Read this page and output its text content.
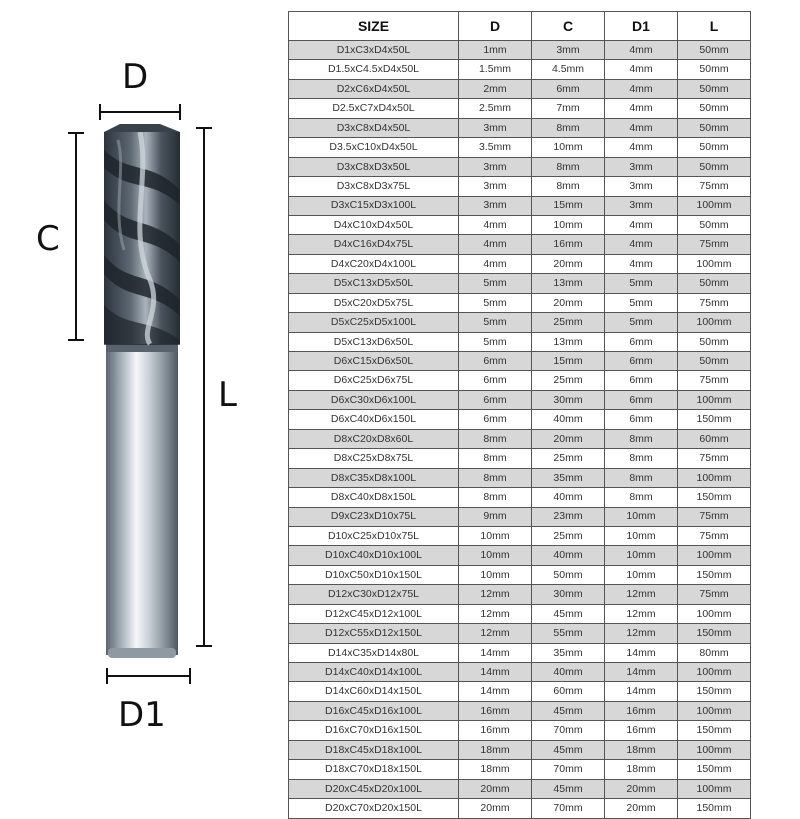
D
C
L
D1
SIZE	D	C	D1	L
D1xC3xD4x50L	1mm	3mm	4mm	50mm
D1.5xC4.5xD4x50L	1.5mm	4.5mm	4mm	50mm
D2xC6xD4x50L	2mm	6mm	4mm	50mm
D2.5xC7xD4x50L	2.5mm	7mm	4mm	50mm
D3xC8xD4x50L	3mm	8mm	4mm	50mm
D3.5xC10xD4x50L	3.5mm	10mm	4mm	50mm
D3xC8xD3x50L	3mm	8mm	3mm	50mm
D3xC8xD3x75L	3mm	8mm	3mm	75mm
D3xC15xD3x100L	3mm	15mm	3mm	100mm
D4xC10xD4x50L	4mm	10mm	4mm	50mm
D4xC16xD4x75L	4mm	16mm	4mm	75mm
D4xC20xD4x100L	4mm	20mm	4mm	100mm
D5xC13xD5x50L	5mm	13mm	5mm	50mm
D5xC20xD5x75L	5mm	20mm	5mm	75mm
D5xC25xD5x100L	5mm	25mm	5mm	100mm
D5xC13xD6x50L	5mm	13mm	6mm	50mm
D6xC15xD6x50L	6mm	15mm	6mm	50mm
D6xC25xD6x75L	6mm	25mm	6mm	75mm
D6xC30xD6x100L	6mm	30mm	6mm	100mm
D6xC40xD6x150L	6mm	40mm	6mm	150mm
D8xC20xD8x60L	8mm	20mm	8mm	60mm
D8xC25xD8x75L	8mm	25mm	8mm	75mm
D8xC35xD8x100L	8mm	35mm	8mm	100mm
D8xC40xD8x150L	8mm	40mm	8mm	150mm
D9xC23xD10x75L	9mm	23mm	10mm	75mm
D10xC25xD10x75L	10mm	25mm	10mm	75mm
D10xC40xD10x100L	10mm	40mm	10mm	100mm
D10xC50xD10x150L	10mm	50mm	10mm	150mm
D12xC30xD12x75L	12mm	30mm	12mm	75mm
D12xC45xD12x100L	12mm	45mm	12mm	100mm
D12xC55xD12x150L	12mm	55mm	12mm	150mm
D14xC35xD14x80L	14mm	35mm	14mm	80mm
D14xC40xD14x100L	14mm	40mm	14mm	100mm
D14xC60xD14x150L	14mm	60mm	14mm	150mm
D16xC45xD16x100L	16mm	45mm	16mm	100mm
D16xC70xD16x150L	16mm	70mm	16mm	150mm
D18xC45xD18x100L	18mm	45mm	18mm	100mm
D18xC70xD18x150L	18mm	70mm	18mm	150mm
D20xC45xD20x100L	20mm	45mm	20mm	100mm
D20xC70xD20x150L	20mm	70mm	20mm	150mm
